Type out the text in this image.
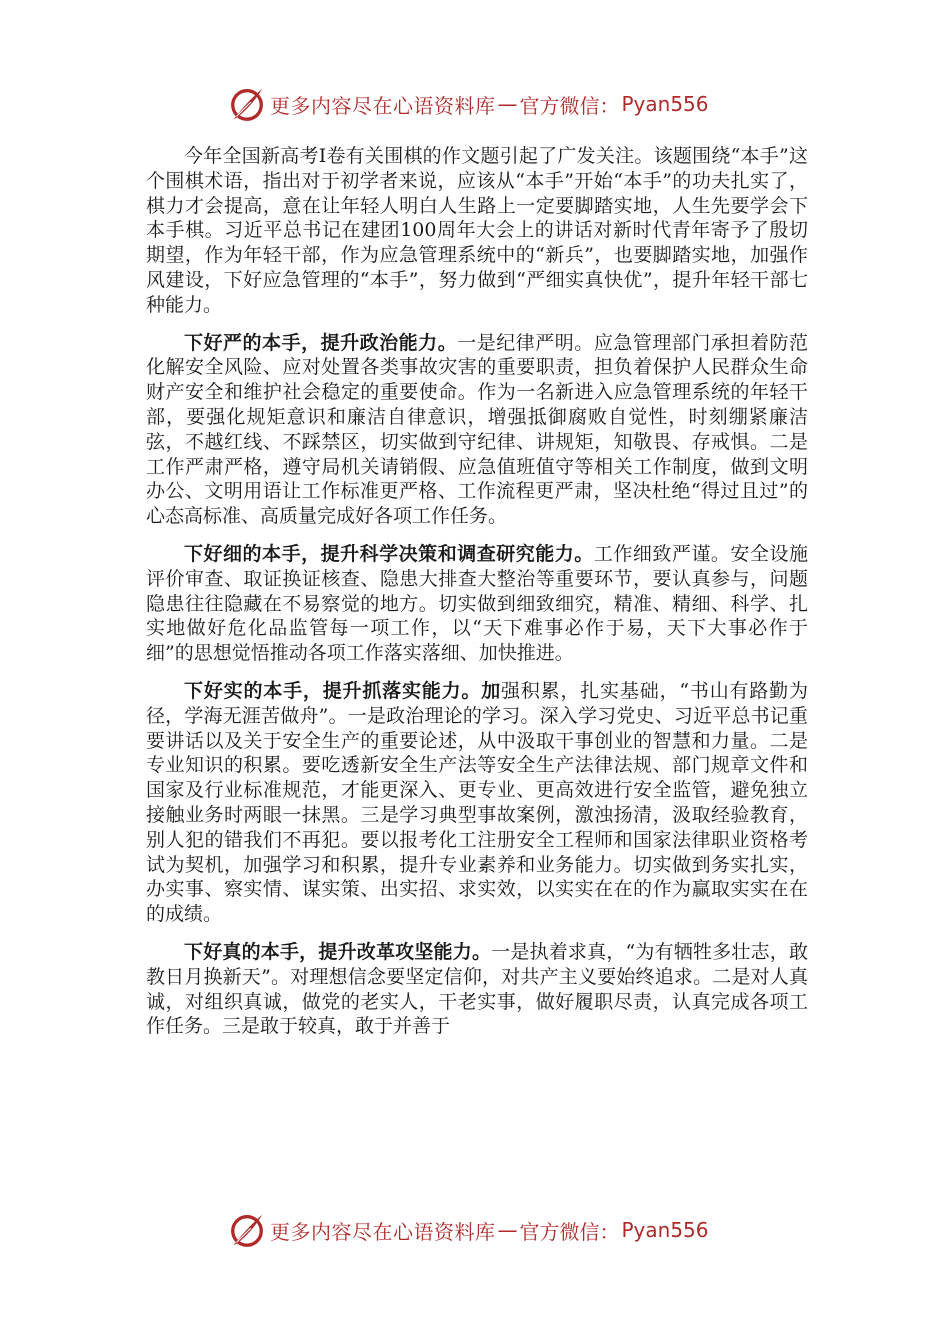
更多内容尽在心语资料库 — 官方微信： Pyan556

今年全国新高考Ⅰ卷有关围棋的作文题引起了广发关注。该题围绕“本手”这个围棋术语，指出对于初学者来说，应该从“本手”开始“本手”的功夫扎实了，棋力才会提高，意在让年轻人明白人生路上一定要脚踏实地，人生先要学会下本手棋。习近平总书记在建团100周年大会上的讲话对新时代青年寄予了殷切期望，作为年轻干部，作为应急管理系统中的“新兵”，也要脚踏实地，加强作风建设，下好应急管理的“本手”，努力做到“严细实真快优”，提升年轻干部七种能力。

下好严的本手，提升政治能力。一是纪律严明。应急管理部门承担着防范化解安全风险、应对处置各类事故灾害的重要职责，担负着保护人民群众生命财产安全和维护社会稳定的重要使命。作为一名新进入应急管理系统的年轻干部，要强化规矩意识和廉洁自律意识，增强抵御腐败自觉性，时刻绷紧廉洁弦，不越红线、不踩禁区，切实做到守纪律、讲规矩，知敬畏、存戒惧。二是工作严肃严格，遵守局机关请销假、应急值班值守等相关工作制度，做到文明办公、文明用语让工作标准更严格、工作流程更严肃，坚决杜绝“得过且过”的心态高标准、高质量完成好各项工作任务。

下好细的本手，提升科学决策和调查研究能力。工作细致严谨。安全设施评价审查、取证换证核查、隐患大排查大整治等重要环节，要认真参与，问题隐患往往隐藏在不易察觉的地方。切实做到细致细究，精准、精细、科学、扎实地做好危化品监管每一项工作，以“天下难事必作于易，天下大事必作于细”的思想觉悟推动各项工作落实落细、加快推进。

下好实的本手，提升抓落实能力。加强积累，扎实基础，“书山有路勤为径，学海无涯苦做舟”。一是政治理论的学习。深入学习党史、习近平总书记重要讲话以及关于安全生产的重要论述，从中汲取干事创业的智慧和力量。二是专业知识的积累。要吃透新安全生产法等安全生产法律法规、部门规章文件和国家及行业标准规范，才能更深入、更专业、更高效进行安全监管，避免独立接触业务时两眼一抹黑。三是学习典型事故案例，激浊扬清，汲取经验教育，别人犯的错我们不再犯。要以报考化工注册安全工程师和国家法律职业资格考试为契机，加强学习和积累，提升专业素养和业务能力。切实做到务实扎实，办实事、察实情、谋实策、出实招、求实效，以实实在在的作为赢取实实在在的成绩。

下好真的本手，提升改革攻坚能力。一是执着求真，“为有牺牲多壮志，敢教日月换新天”。对理想信念要坚定信仰，对共产主义要始终追求。二是对人真诚，对组织真诚，做党的老实人，干老实事，做好履职尽责，认真完成各项工作任务。三是敢于较真，敢于并善于

更多内容尽在心语资料库 — 官方微信： Pyan556
